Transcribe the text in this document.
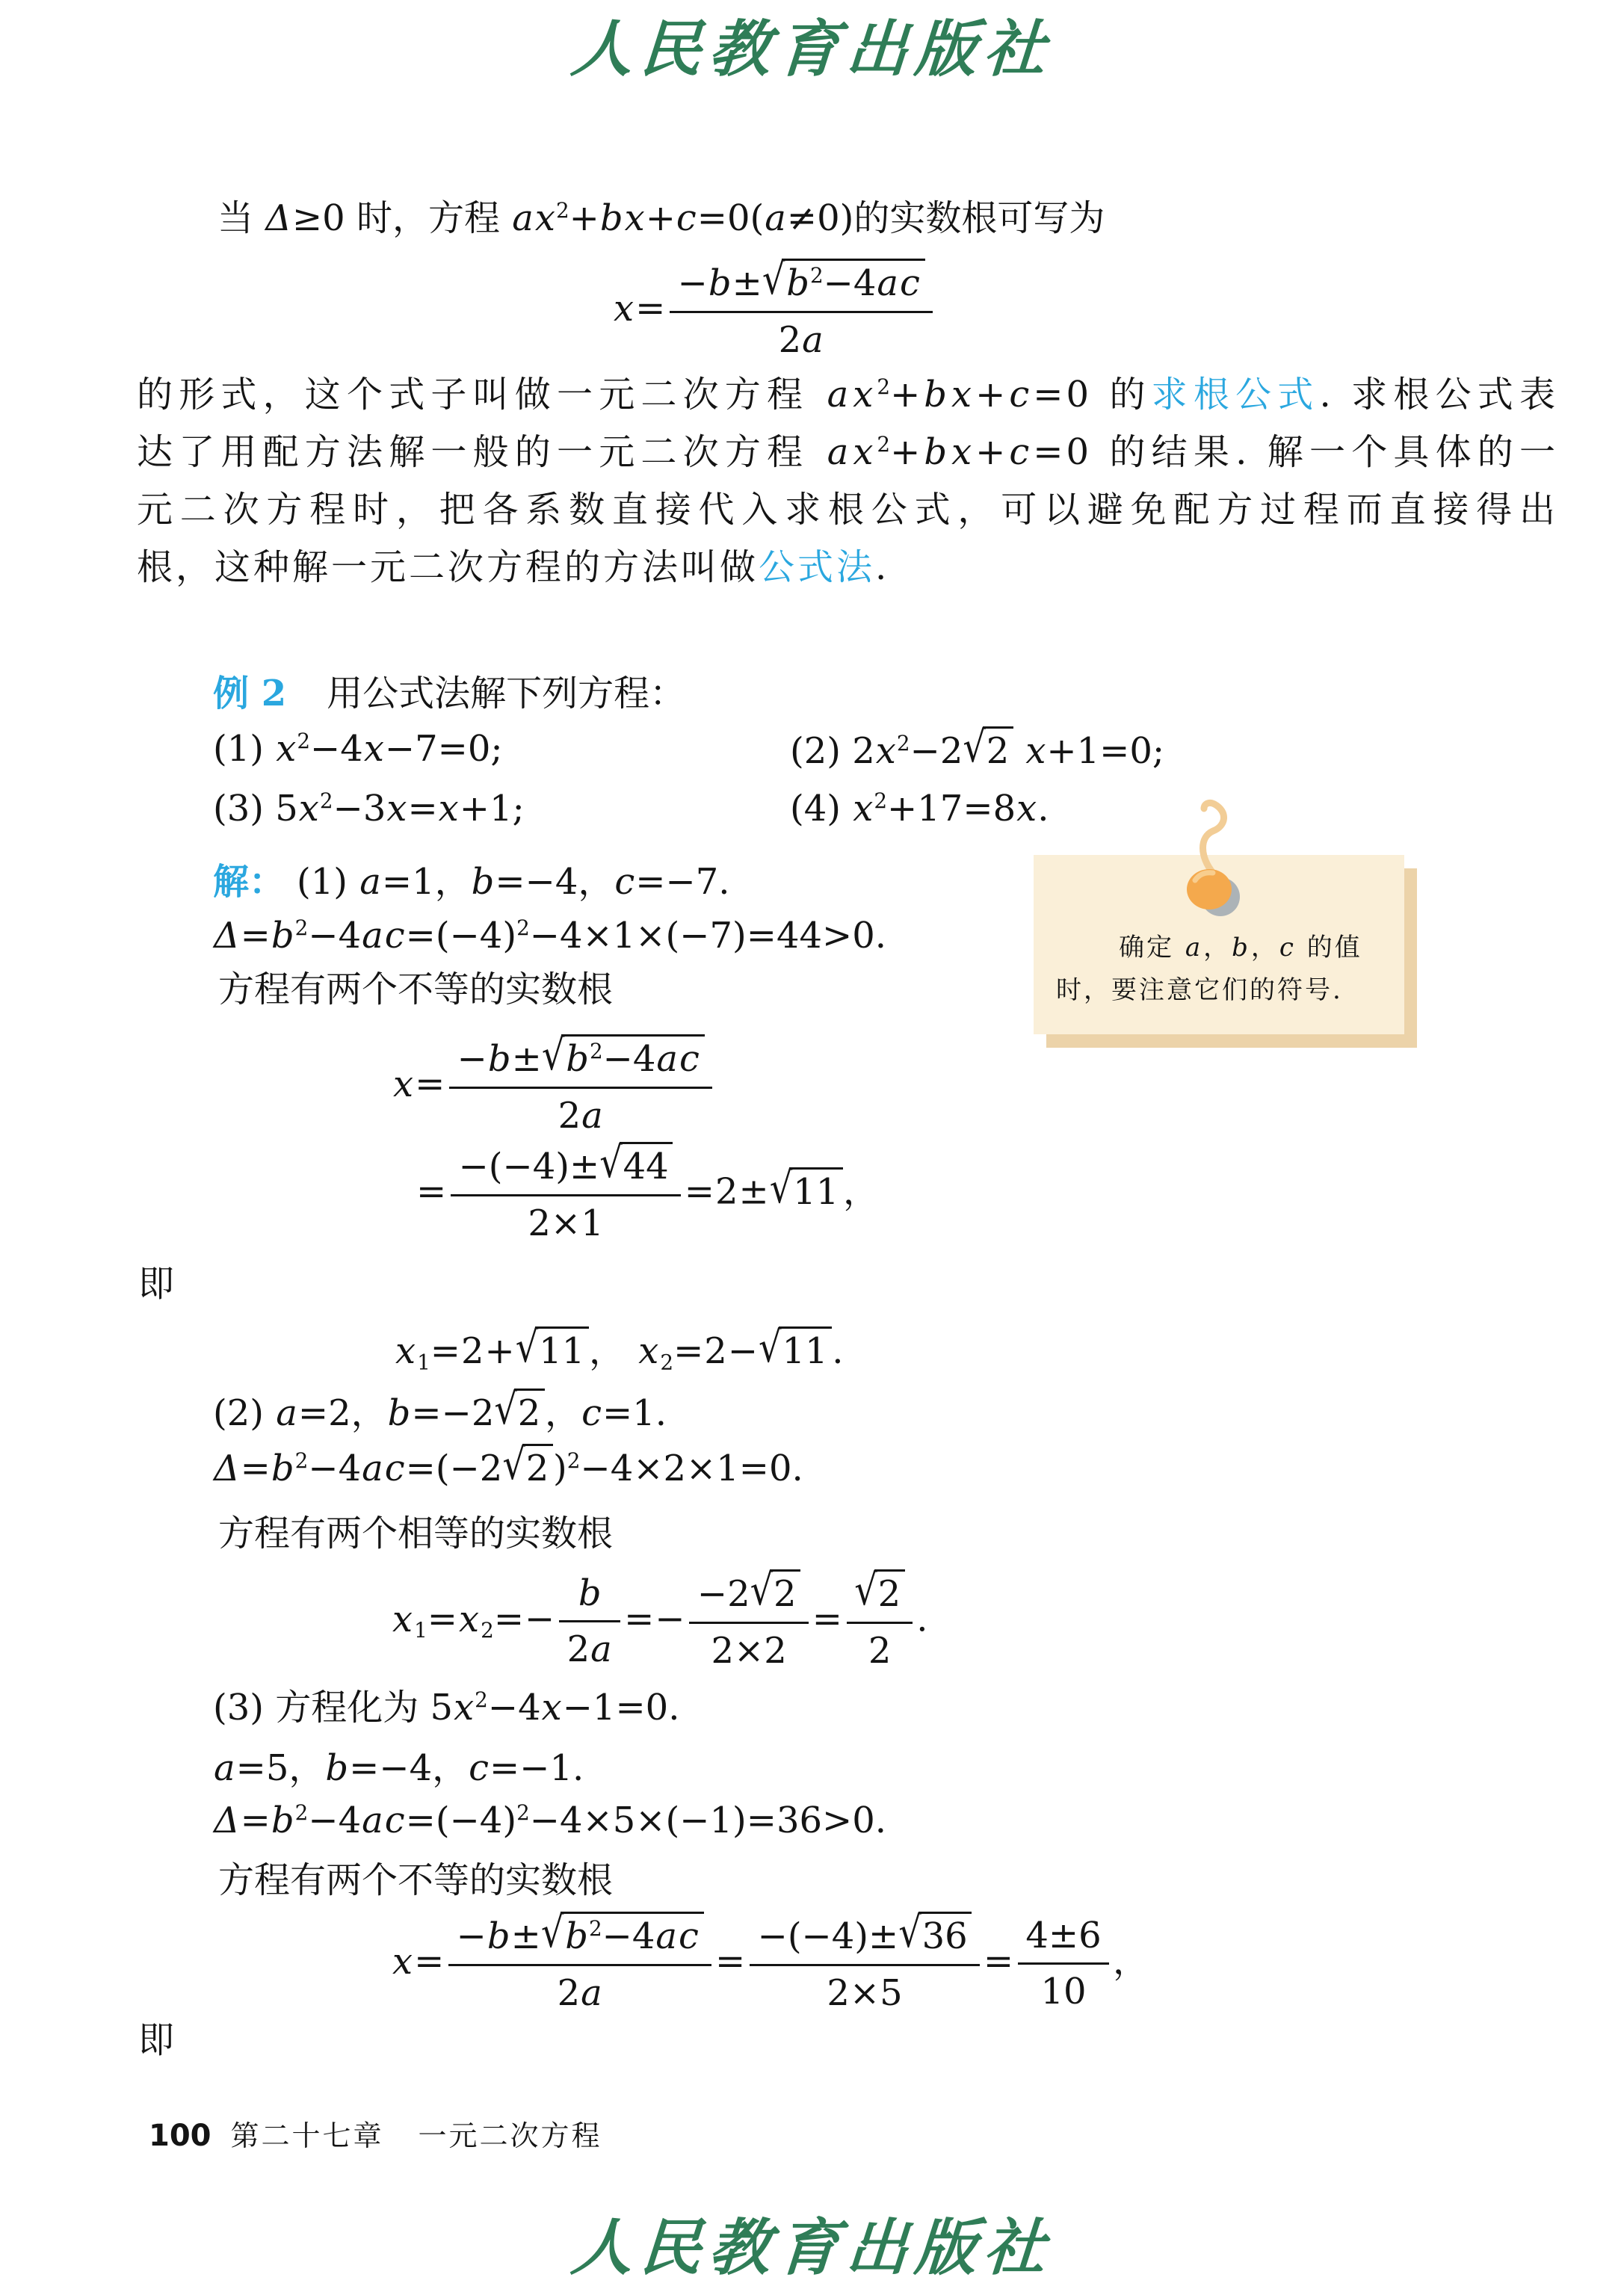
人民教育出版社
当 Δ≥0 时，方程 $ax^2+bx+c=0(a\ne 0)$的实数根可写为
$x= \frac{-b\pm√b^2-4ac}{2a}$
的形式，这个式子叫做一元二次方程 $ax^2+bx+c=0$ 的求根公式. 求根公式表
达了用配方法解一般的一元二次方程 $ax^2+bx+c=0$ 的结果. 解一个具体的一
元二次方程时，把各系数直接代入求根公式，可以避免配方过程而直接得出
根，这种解一元二次方程的方法叫做公式法.
例 2 用公式法解下列方程：
(1) $x^2-4x-7=0$;	(2) $2x^2-2√2$ x+1=0;
(3) $5x^2-3x=x+1$;	(4) $x^2+17=8x$.
解： (1) a=1，b=−4，c=−7.
$\Delta=b^2-4ac=(-4)^2-4\times 1\times(-7)=44>0$.
方程有两个不等的实数根
$x= \frac{-b\pm√b^2-4ac}{2a}$
= $\frac{-(-4)\pm√44}{2\times 1} =2\pm√11$ ，
即
$x_1=2+√11$ ， $x_2=2-√11$ .
(2) a=2，b=−2√2 ，c=1.
$\Delta=b^2-4ac=(-2√2$ )$^2$−4×2×1=0.
方程有两个相等的实数根
$x_1=x_2=- \frac{b}{2a} =- \frac{-2√2}{2\times 2} = \frac{√2}{2}$ .
(3) 方程化为 $5x^2-4x-1=0$.
a=5，b=−4，c=−1.
$\Delta=b^2-4ac=(-4)^2-4\times 5\times(-1)=36>0$.
方程有两个不等的实数根
$x= \frac{-b\pm√b^2-4ac}{2a} = \frac{-(-4)\pm√36}{2\times 5} = \frac{4\pm 6}{10}$ ，
即
确定 a，b，c 的值
时，要注意它们的符号.
100 第二十七章 一元二次方程
人民教育出版社
